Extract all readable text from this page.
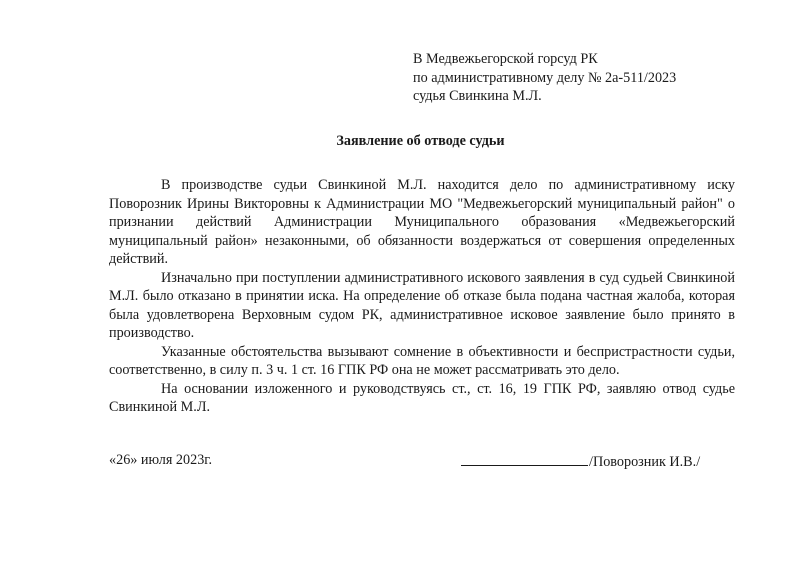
В Медвежьегорской горсуд РК
по административному делу № 2а-511/2023
судья Свинкина М.Л.
Заявление об отводе судьи

В производстве судьи Свинкиной М.Л. находится дело по административному иску Поворозник Ирины Викторовны к Администрации МО "Медвежьегорский муниципальный район" о признании действий Администрации Муниципального образования «Медвежьегорский муниципальный район» незаконными, об обязанности воздержаться от совершения определенных действий.

Изначально при поступлении административного искового заявления в суд судьей Свинкиной М.Л. было отказано в принятии иска. На определение об отказе была подана частная жалоба, которая была удовлетворена Верховным судом РК, административное исковое заявление было принято в производство.

Указанные обстоятельства вызывают сомнение в объективности и беспристрастности судьи, соответственно, в силу п. 3 ч. 1 ст. 16 ГПК РФ она не может рассматривать это дело.

На основании изложенного и руководствуясь ст., ст. 16, 19 ГПК РФ, заявляю отвод судье Свинкиной М.Л.

«26» июля 2023г.	/Поворозник И.В./
